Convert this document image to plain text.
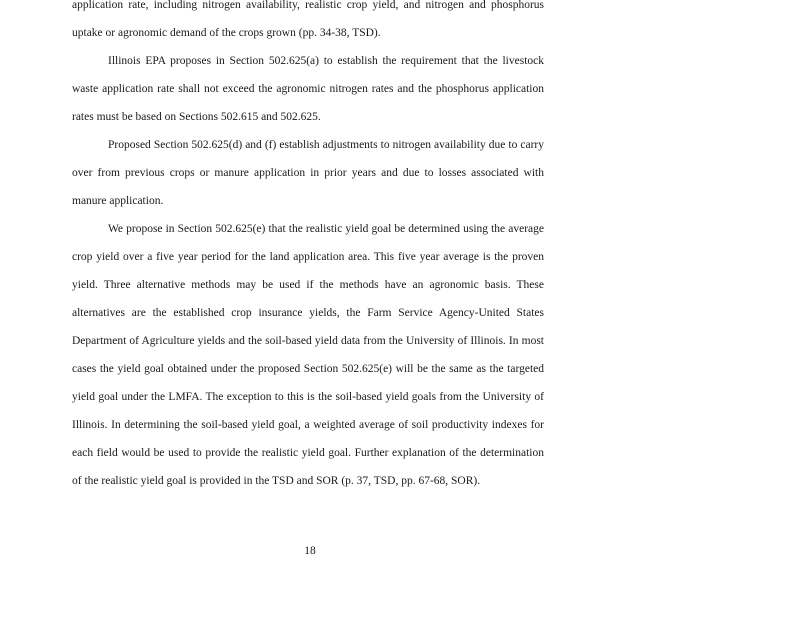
application rate, including nitrogen availability, realistic crop yield, and nitrogen and phosphorus uptake or agronomic demand of the crops grown (pp. 34-38, TSD).

Illinois EPA proposes in Section 502.625(a) to establish the requirement that the livestock waste application rate shall not exceed the agronomic nitrogen rates and the phosphorus application rates must be based on Sections 502.615 and 502.625.

Proposed Section 502.625(d) and (f) establish adjustments to nitrogen availability due to carry over from previous crops or manure application in prior years and due to losses associated with manure application.

We propose in Section 502.625(e) that the realistic yield goal be determined using the average crop yield over a five year period for the land application area. This five year average is the proven yield. Three alternative methods may be used if the methods have an agronomic basis. These alternatives are the established crop insurance yields, the Farm Service Agency-United States Department of Agriculture yields and the soil-based yield data from the University of Illinois. In most cases the yield goal obtained under the proposed Section 502.625(e) will be the same as the targeted yield goal under the LMFA. The exception to this is the soil-based yield goals from the University of Illinois. In determining the soil-based yield goal, a weighted average of soil productivity indexes for each field would be used to provide the realistic yield goal. Further explanation of the determination of the realistic yield goal is provided in the TSD and SOR (p. 37, TSD, pp. 67-68, SOR).

18
